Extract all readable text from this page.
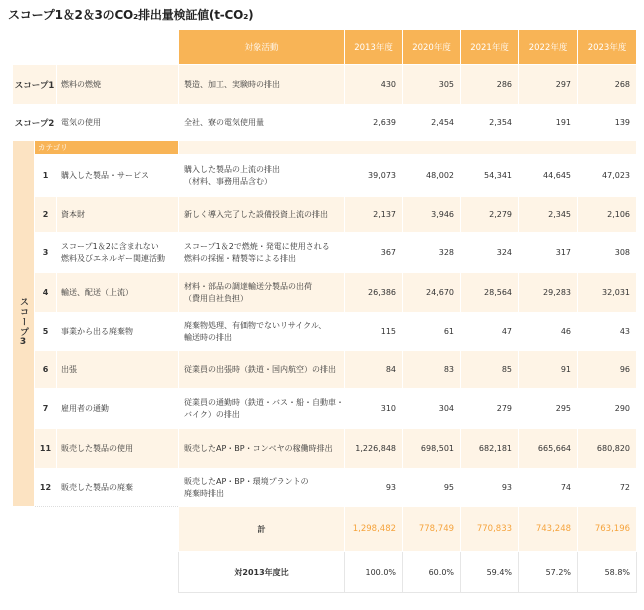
スコープ1＆2＆3のCO₂排出量検証値(t-CO₂)
			対象活動	2013年度	2020年度	2021年度	2022年度	2023年度
スコープ1		燃料の燃焼	製造、加工、実験時の排出	430	305	286	297	268
スコープ2		電気の使用	全社、寮の電気使用量	2,639	2,454	2,354	191	139
スコープ3	カテゴリ							
	1	購入した製品・サービス	購入した製品の上流の排出
（材料、事務用品含む）	39,073	48,002	54,341	44,645	47,023
	2	資本財	新しく導入完了した設備投資上流の排出	2,137	3,946	2,279	2,345	2,106
	3	スコープ1＆2に含まれない
燃料及びエネルギー関連活動	スコープ1＆2で燃焼・発電に使用される
燃料の採掘・精製等による排出	367	328	324	317	308
	4	輸送、配送（上流）	材料・部品の調達輸送分製品の出荷
（費用自社負担）	26,386	24,670	28,564	29,283	32,031
	5	事業から出る廃棄物	廃棄物処理、有価物でないリサイクル、
輸送時の排出	115	61	47	46	43
	6	出張	従業員の出張時（鉄道・国内航空）の排出	84	83	85	91	96
	7	雇用者の通勤	従業員の通勤時（鉄道・バス・船・自動車・
バイク）の排出	310	304	279	295	290
	11	販売した製品の使用	販売したAP・BP・コンベヤの稼働時排出	1,226,848	698,501	682,181	665,664	680,820
	12	販売した製品の廃棄	販売したAP・BP・環境プラントの
廃棄時排出	93	95	93	74	72
			計	1,298,482	778,749	770,833	743,248	763,196
			対2013年度比	100.0%	60.0%	59.4%	57.2%	58.8%
